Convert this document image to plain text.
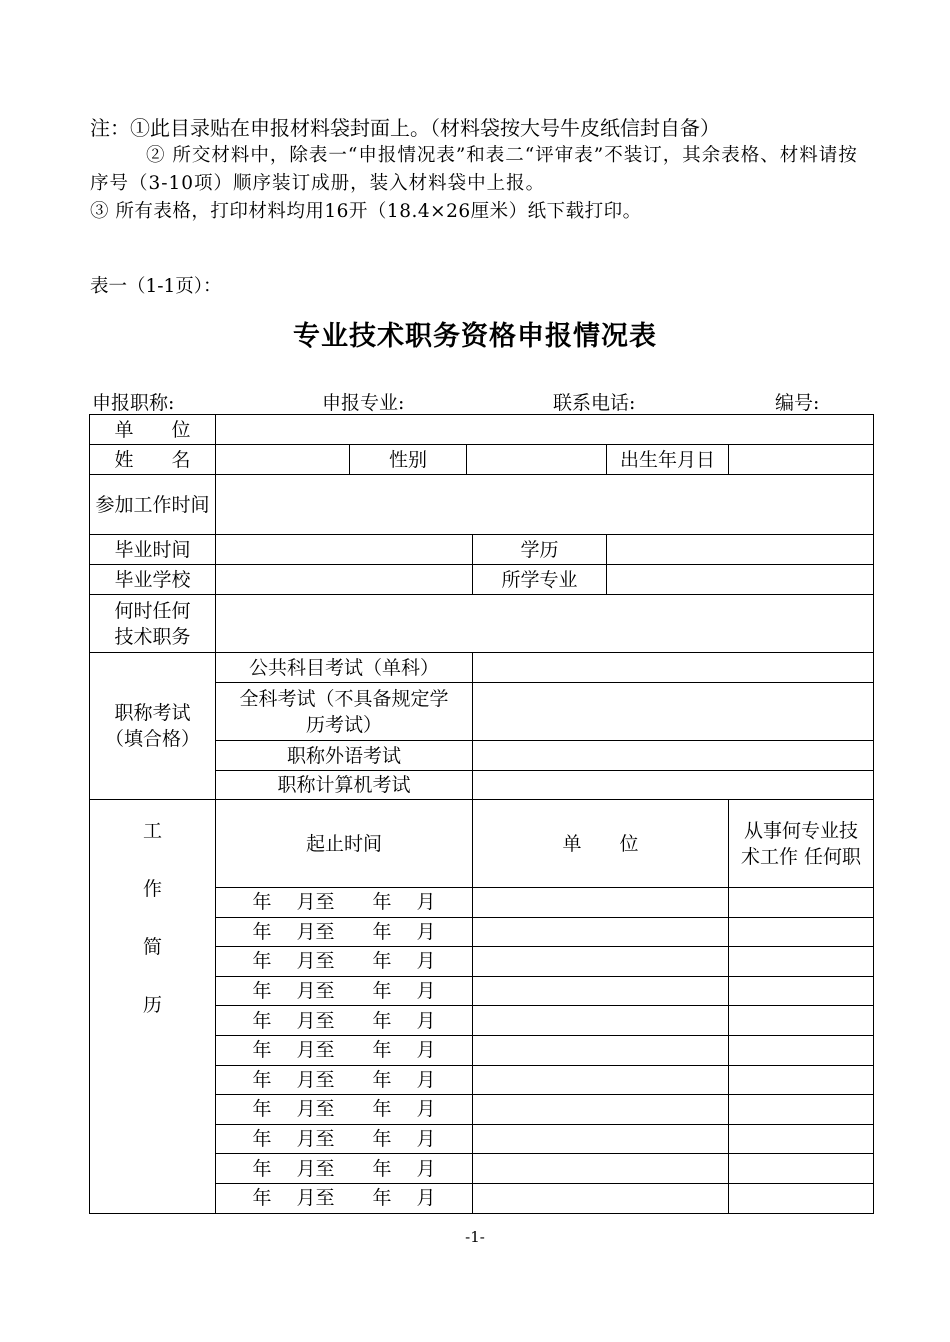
注：①此目录贴在申报材料袋封面上。（材料袋按大号牛皮纸信封自备）

② 所交材料中，除表一“申报情况表”和表二“评审表”不装订，其余表格、材料请按序号（3-10项）顺序装订成册，装入材料袋中上报。

③ 所有表格，打印材料均用16开（18.4×26厘米）纸下载打印。

表一（1-1页）：
专业技术职务资格申报情况表
申报职称:	申报专业:	联系电话:	编号:
单　　位						
姓　　名		性别			出生年月日	
参加工作时间						
毕业时间				学历		
毕业学校				所学专业		

何时任何
技术职务						

职称考试
（填合格）	公共科目考试（单科）					
	全科考试（不具备规定学历考试）					
	职称外语考试					
	职称计算机考试					

工
作
简
历	起止时间			单　　位		从事何专业技术工作 任何职
	年　 月至　　年　 月					
	年　 月至　　年　 月					
	年　 月至　　年　 月					
	年　 月至　　年　 月					
	年　 月至　　年　 月					
	年　 月至　　年　 月					
	年　 月至　　年　 月					
	年　 月至　　年　 月					
	年　 月至　　年　 月					
	年　 月至　　年　 月					
	年　 月至　　年　 月					
-1-
